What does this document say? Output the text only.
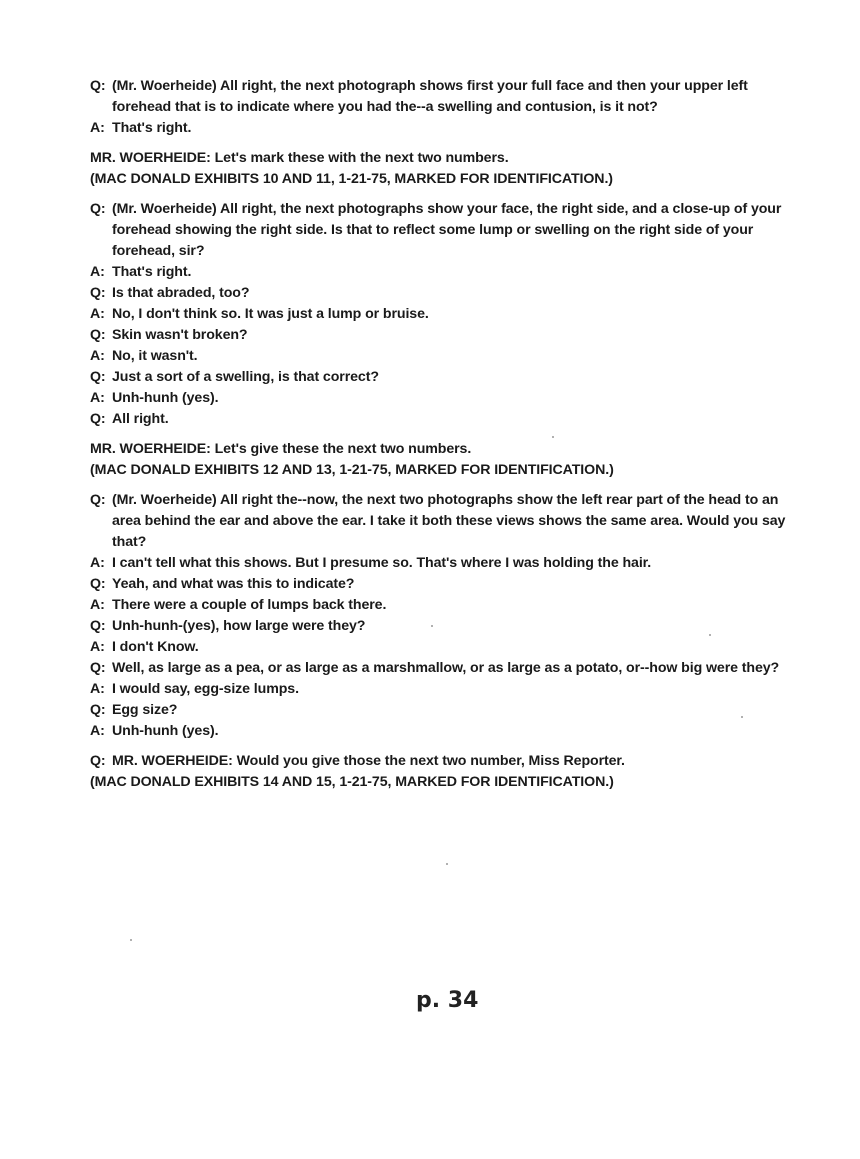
Q: (Mr. Woerheide) All right, the next photograph shows first your full face and then your upper left forehead that is to indicate where you had the--a swelling and contusion, is it not?
A: That's right.

MR. WOERHEIDE: Let's mark these with the next two numbers.

(MAC DONALD EXHIBITS 10 AND 11, 1-21-75, MARKED FOR IDENTIFICATION.)

Q: (Mr. Woerheide) All right, the next photographs show your face, the right side, and a close-up of your forehead showing the right side. Is that to reflect some lump or swelling on the right side of your forehead, sir?
A: That's right.
Q: Is that abraded, too?
A: No, I don't think so. It was just a lump or bruise.
Q: Skin wasn't broken?
A: No, it wasn't.
Q: Just a sort of a swelling, is that correct?
A: Unh-hunh (yes).
Q: All right.

MR. WOERHEIDE: Let's give these the next two numbers.

(MAC DONALD EXHIBITS 12 AND 13, 1-21-75, MARKED FOR IDENTIFICATION.)

Q: (Mr. Woerheide) All right the--now, the next two photographs show the left rear part of the head to an area behind the ear and above the ear. I take it both these views shows the same area. Would you say that?
A: I can't tell what this shows. But I presume so. That's where I was holding the hair.
Q: Yeah, and what was this to indicate?
A: There were a couple of lumps back there.
Q: Unh-hunh-(yes), how large were they?
A: I don't Know.
Q: Well, as large as a pea, or as large as a marshmallow, or as large as a potato, or--how big were they?
A: I would say, egg-size lumps.
Q: Egg size?
A: Unh-hunh (yes).
Q: MR. WOERHEIDE: Would you give those the next two number, Miss Reporter.

(MAC DONALD EXHIBITS 14 AND 15, 1-21-75, MARKED FOR IDENTIFICATION.)

p. 34
